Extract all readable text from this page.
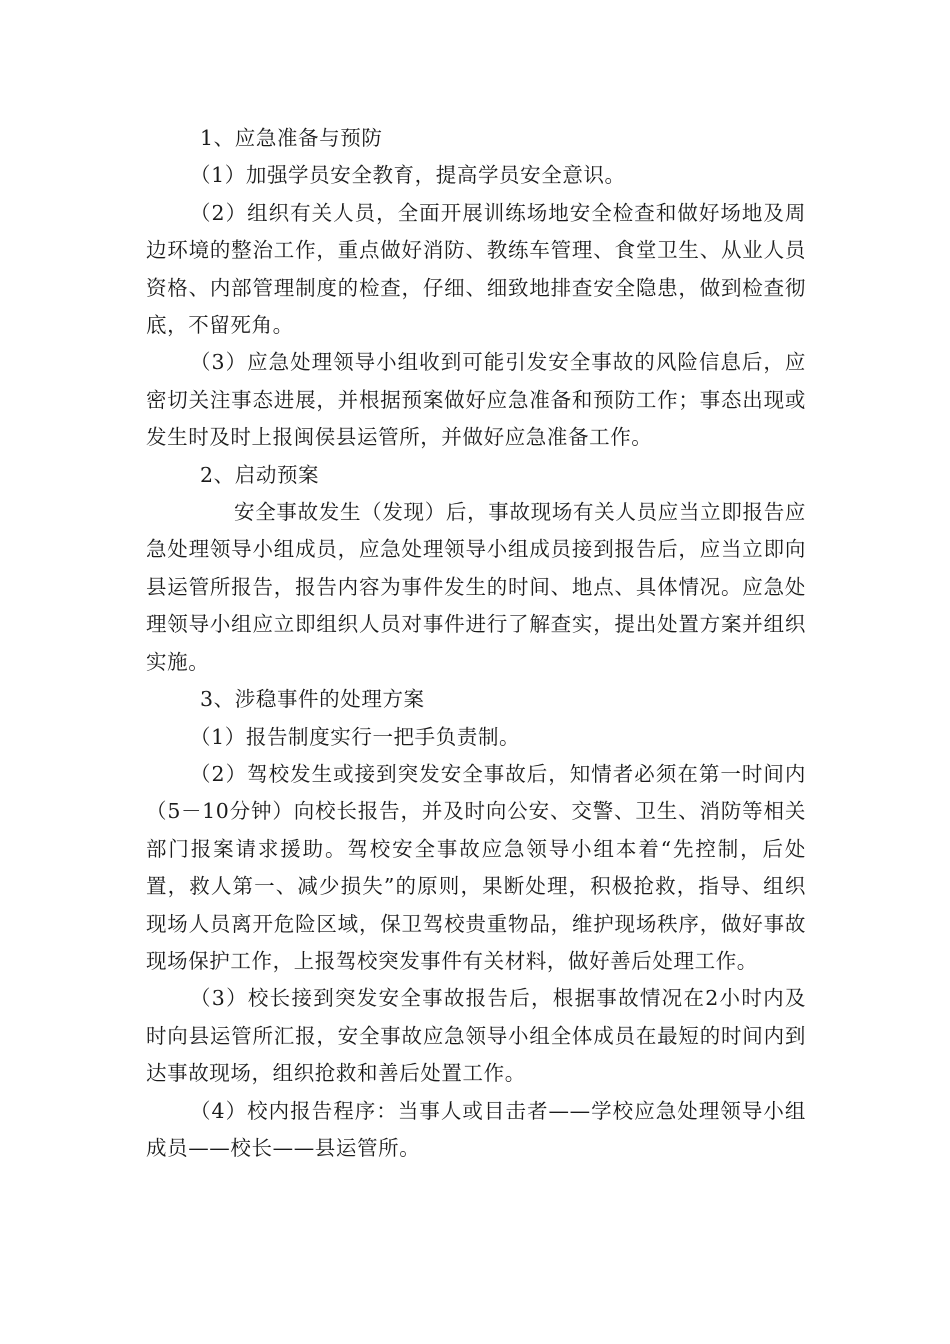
1、应急准备与预防

（1）加强学员安全教育，提高学员安全意识。

（2）组织有关人员，全面开展训练场地安全检查和做好场地及周边环境的整治工作，重点做好消防、教练车管理、食堂卫生、从业人员资格、内部管理制度的检查，仔细、细致地排查安全隐患，做到检查彻底，不留死角。

（3）应急处理领导小组收到可能引发安全事故的风险信息后，应密切关注事态进展，并根据预案做好应急准备和预防工作；事态出现或发生时及时上报闽侯县运管所，并做好应急准备工作。

2、启动预案

安全事故发生（发现）后，事故现场有关人员应当立即报告应急处理领导小组成员，应急处理领导小组成员接到报告后，应当立即向县运管所报告，报告内容为事件发生的时间、地点、具体情况。应急处理领导小组应立即组织人员对事件进行了解查实，提出处置方案并组织实施。

3、涉稳事件的处理方案

（1）报告制度实行一把手负责制。

（2）驾校发生或接到突发安全事故后，知情者必须在第一时间内（5－10分钟）向校长报告，并及时向公安、交警、卫生、消防等相关部门报案请求援助。驾校安全事故应急领导小组本着“先控制，后处置，救人第一、减少损失”的原则，果断处理，积极抢救，指导、组织现场人员离开危险区域，保卫驾校贵重物品，维护现场秩序，做好事故现场保护工作，上报驾校突发事件有关材料，做好善后处理工作。

（3）校长接到突发安全事故报告后，根据事故情况在2小时内及时向县运管所汇报，安全事故应急领导小组全体成员在最短的时间内到达事故现场，组织抢救和善后处置工作。

（4）校内报告程序：当事人或目击者——学校应急处理领导小组成员——校长——县运管所。
